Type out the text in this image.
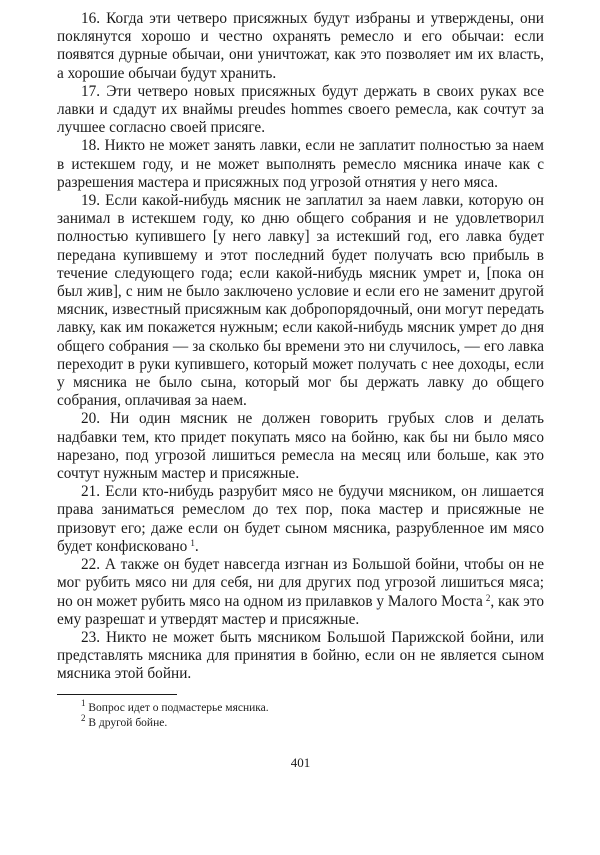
16. Когда эти четверо присяжных будут избраны и утверждены, они поклянутся хорошо и честно охранять ремесло и его обычаи: если появятся дурные обычаи, они уничтожат, как это позволяет им их власть, а хорошие обычаи будут хранить.

17. Эти четверо новых присяжных будут держать в своих руках все лавки и сдадут их внаймы preudes hommes своего ремесла, как сочтут за лучшее согласно своей присяге.

18. Никто не может занять лавки, если не заплатит полностью за наем в истекшем году, и не может выполнять ремесло мясника иначе как с разрешения мастера и присяжных под угрозой отнятия у него мяса.

19. Если какой-нибудь мясник не заплатил за наем лавки, которую он занимал в истекшем году, ко дню общего собрания и не удовлетворил полностью купившего [у него лавку] за истекший год, его лавка будет передана купившему и этот последний будет получать всю прибыль в течение следующего года; если какой-нибудь мясник умрет и, [пока он был жив], с ним не было заключено условие и если его не заменит другой мясник, известный присяжным как добропорядочный, они могут передать лавку, как им покажется нужным; если какой-нибудь мясник умрет до дня общего собрания — за сколько бы времени это ни случилось, — его лавка переходит в руки купившего, который может получать с нее доходы, если у мясника не было сына, который мог бы держать лавку до общего собрания, оплачивая за наем.

20. Ни один мясник не должен говорить грубых слов и делать надбавки тем, кто придет покупать мясо на бойню, как бы ни было мясо нарезано, под угрозой лишиться ремесла на месяц или больше, как это сочтут нужным мастер и присяжные.

21. Если кто-нибудь разрубит мясо не будучи мясником, он лишается права заниматься ремеслом до тех пор, пока мастер и присяжные не призовут его; даже если он будет сыном мясника, разрубленное им мясо будет конфисковано  $^1$.

22. А также он будет навсегда изгнан из Большой бойни, чтобы он не мог рубить мясо ни для себя, ни для других под угрозой лишиться мяса; но он может рубить мясо на одном из прилавков у Малого Моста  $^2$, как это ему разрешат и утвердят мастер и присяжные.

23. Никто не может быть мясником Большой Парижской бойни, или представлять мясника для принятия в бойню, если он не является сыном мясника этой бойни.

$^1$ Вопрос идет о подмастерье мясника.

$^2$ В другой бойне.

401
